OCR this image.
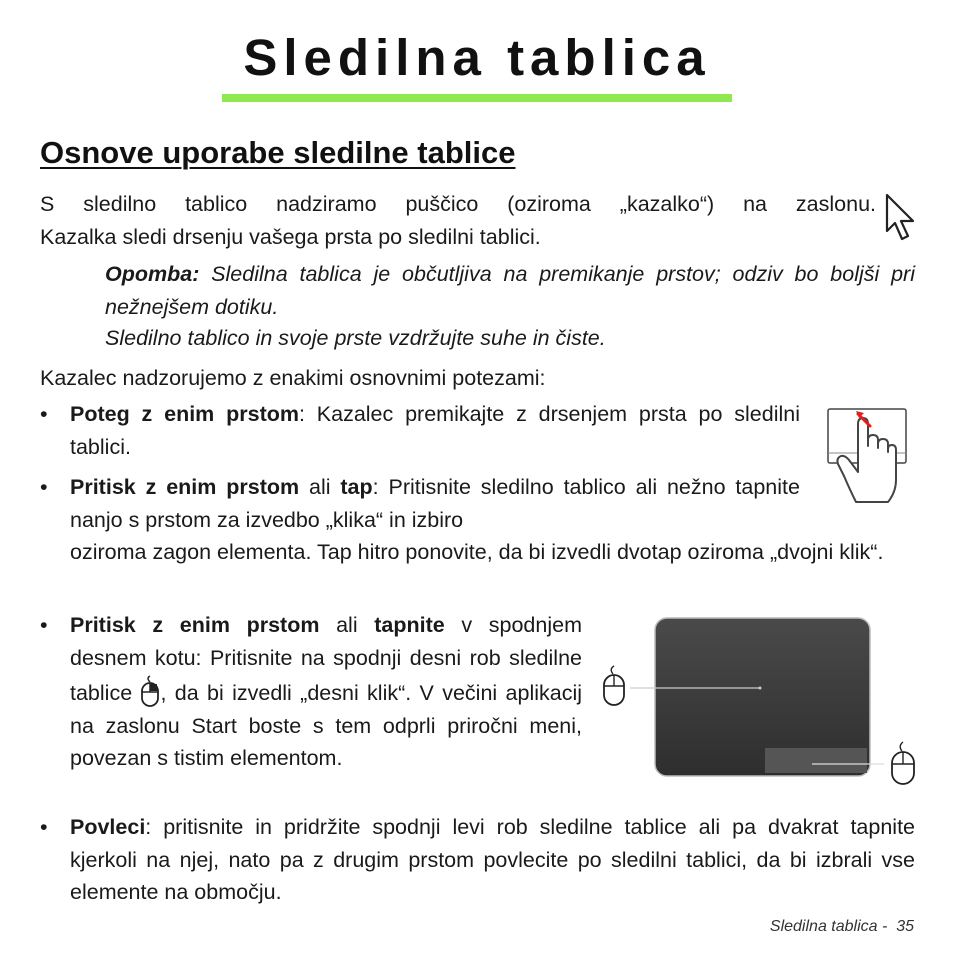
Sledilna tablica
Osnove uporabe sledilne tablice
S sledilno tablico nadziramo puščico (oziroma „kazalko“) na zaslonu.
Kazalka sledi drsenju vašega prsta po sledilni tablici.
Opomba: Sledilna tablica je občutljiva na premikanje prstov; odziv bo boljši pri nežnejšem dotiku.
Sledilno tablico in svoje prste vzdržujte suhe in čiste.
Kazalec nadzorujemo z enakimi osnovnimi potezami:
• Poteg z enim prstom: Kazalec premikajte z drsenjem prsta po sledilni tablici.
• Pritisk z enim prstom ali tap: Pritisnite sledilno tablico ali nežno tapnite nanjo s prstom za izvedbo „klika“ in izbiro
oziroma zagon elementa. Tap hitro ponovite, da bi izvedli dvotap oziroma „dvojni klik“.
• Pritisk z enim prstom ali tapnite v spodnjem desnem kotu: Pritisnite na spodnji desni rob sledilne tablice , da bi izvedli „desni klik“. V večini aplikacij na zaslonu Start boste s tem odprli priročni meni, povezan s tistim elementom.
• Povleci: pritisnite in pridržite spodnji levi rob sledilne tablice ali pa dvakrat tapnite kjerkoli na njej, nato pa z drugim prstom povlecite po sledilni tablici, da bi izbrali vse elemente na območju.
Sledilna tablica - 35
